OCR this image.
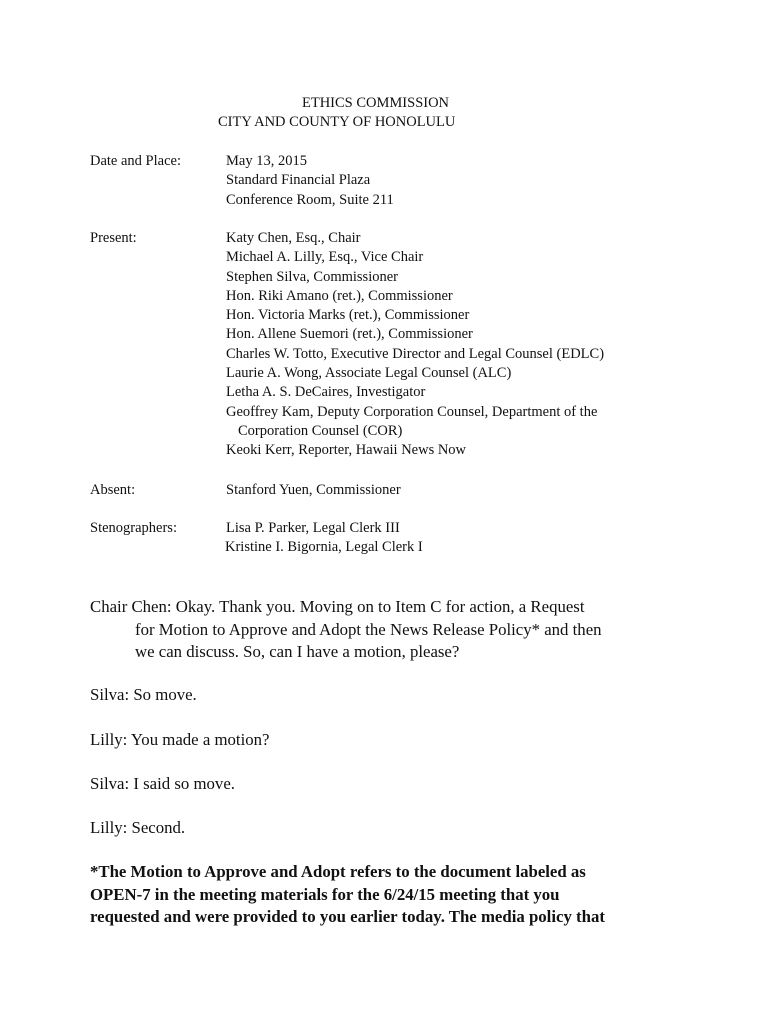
ETHICS COMMISSION
CITY AND COUNTY OF HONOLULU
Date and Place:	May 13, 2015
Standard Financial Plaza
Conference Room, Suite 211
Present:	Katy Chen, Esq., Chair
Michael A. Lilly, Esq., Vice Chair
Stephen Silva, Commissioner
Hon. Riki Amano (ret.), Commissioner
Hon. Victoria Marks (ret.), Commissioner
Hon. Allene Suemori (ret.), Commissioner
Charles W. Totto, Executive Director and Legal Counsel (EDLC)
Laurie A. Wong, Associate Legal Counsel (ALC)
Letha A. S. DeCaires, Investigator
Geoffrey Kam, Deputy Corporation Counsel, Department of the
Corporation Counsel (COR)
Keoki Kerr, Reporter, Hawaii News Now
Absent:	Stanford Yuen, Commissioner
Stenographers:	Lisa P. Parker, Legal Clerk III
Kristine I. Bigornia, Legal Clerk I
Chair Chen: Okay. Thank you. Moving on to Item C for action, a Request
for Motion to Approve and Adopt the News Release Policy* and then
we can discuss. So, can I have a motion, please?
Silva: So move.
Lilly: You made a motion?
Silva: I said so move.
Lilly: Second.
*The Motion to Approve and Adopt refers to the document labeled as
OPEN-7 in the meeting materials for the 6/24/15 meeting that you
requested and were provided to you earlier today. The media policy that
